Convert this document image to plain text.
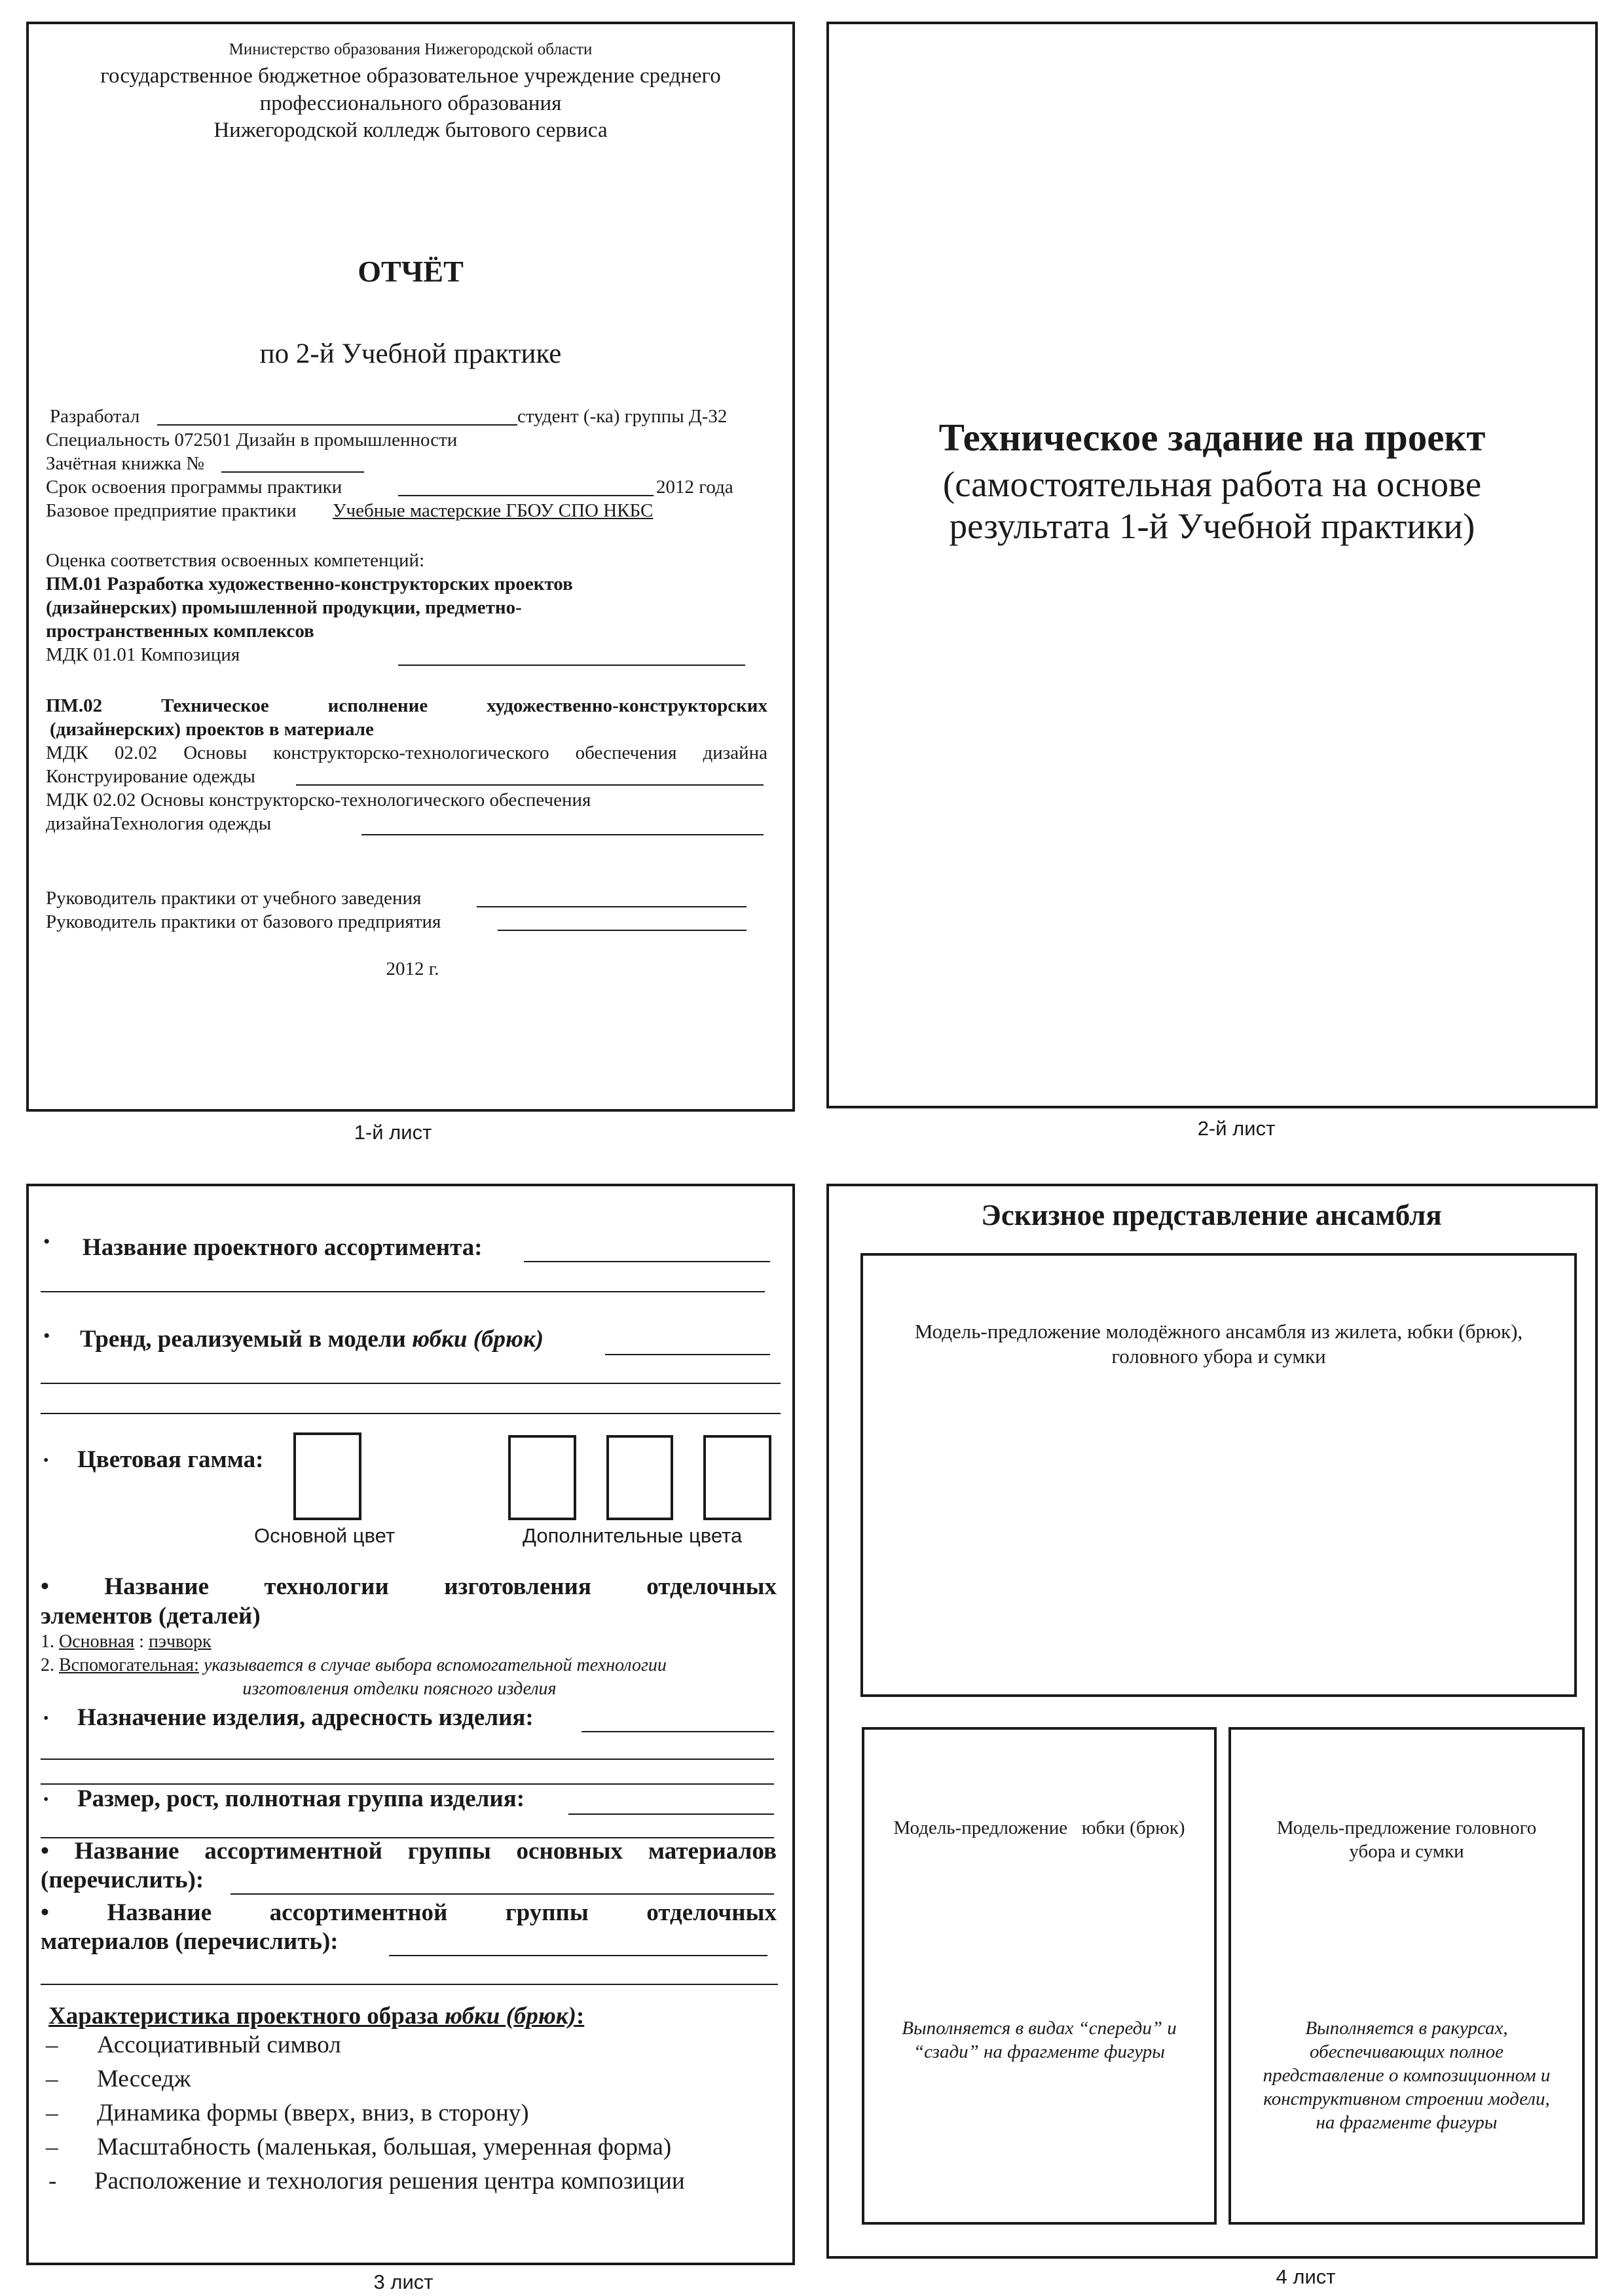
Министерство образования Нижегородской области
государственное бюджетное образовательное учреждение среднего
профессионального образования
Нижегородской колледж бытового сервиса
ОТЧЁТ
по 2-й Учебной практике
Разработал	студент (-ка) группы Д-32
Специальность 072501 Дизайн в промышленности
Зачётная книжка №
Срок освоения программы практики	2012 года
Базовое предприятие практики Учебные мастерские ГБОУ СПО НКБС
Оценка соответствия освоенных компетенций:
ПМ.01 Разработка художественно-конструкторских проектов
(дизайнерских) промышленной продукции, предметно-
пространственных комплексов
МДК 01.01 Композиция
ПМ.02 Техническое исполнение художественно-конструкторских
(дизайнерских) проектов в материале
МДК 02.02 Основы конструкторско-технологического обеспечения дизайна
Конструирование одежды
МДК 02.02 Основы конструкторско-технологического обеспечения
дизайнаТехнология одежды
Руководитель практики от учебного заведения
Руководитель практики от базового предприятия
2012 г.
1-й лист
Техническое задание на проект
(самостоятельная работа на основе
результата 1-й Учебной практики)
2-й лист
• Название проектного ассортимента:
• Тренд, реализуемый в модели юбки (брюк)
• Цветовая гамма:
Основной цвет	Дополнительные цвета
• Название технологии изготовления отделочных
элементов (деталей)
1. Основная : пэчворк
2. Вспомогательная: указывается в случае выбора вспомогательной технологии
изготовления отделки поясного изделия
• Назначение изделия, адресность изделия:
• Размер, рост, полнотная группа изделия:
• Название ассортиментной группы основных материалов
(перечислить):
• Название ассортиментной группы отделочных
материалов (перечислить):
Характеристика проектного образа юбки (брюк):
–
–
–
–
-
Ассоциативный символ
Месседж
Динамика формы (вверх, вниз, в сторону)
Масштабность (маленькая, большая, умеренная форма)
Расположение и технология решения центра композиции
3 лист
Эскизное представление ансамбля
Модель-предложение молодёжного ансамбля из жилета, юбки (брюк),
головного убора и сумки
Модель-предложение   юбки (брюк)
Выполняется в видах “спереди” и
“сзади” на фрагменте фигуры
Модель-предложение головного
убора и сумки
Выполняется в ракурсах,
обеспечивающих полное
представление о композиционном и
конструктивном строении модели,
на фрагменте фигуры
4 лист
